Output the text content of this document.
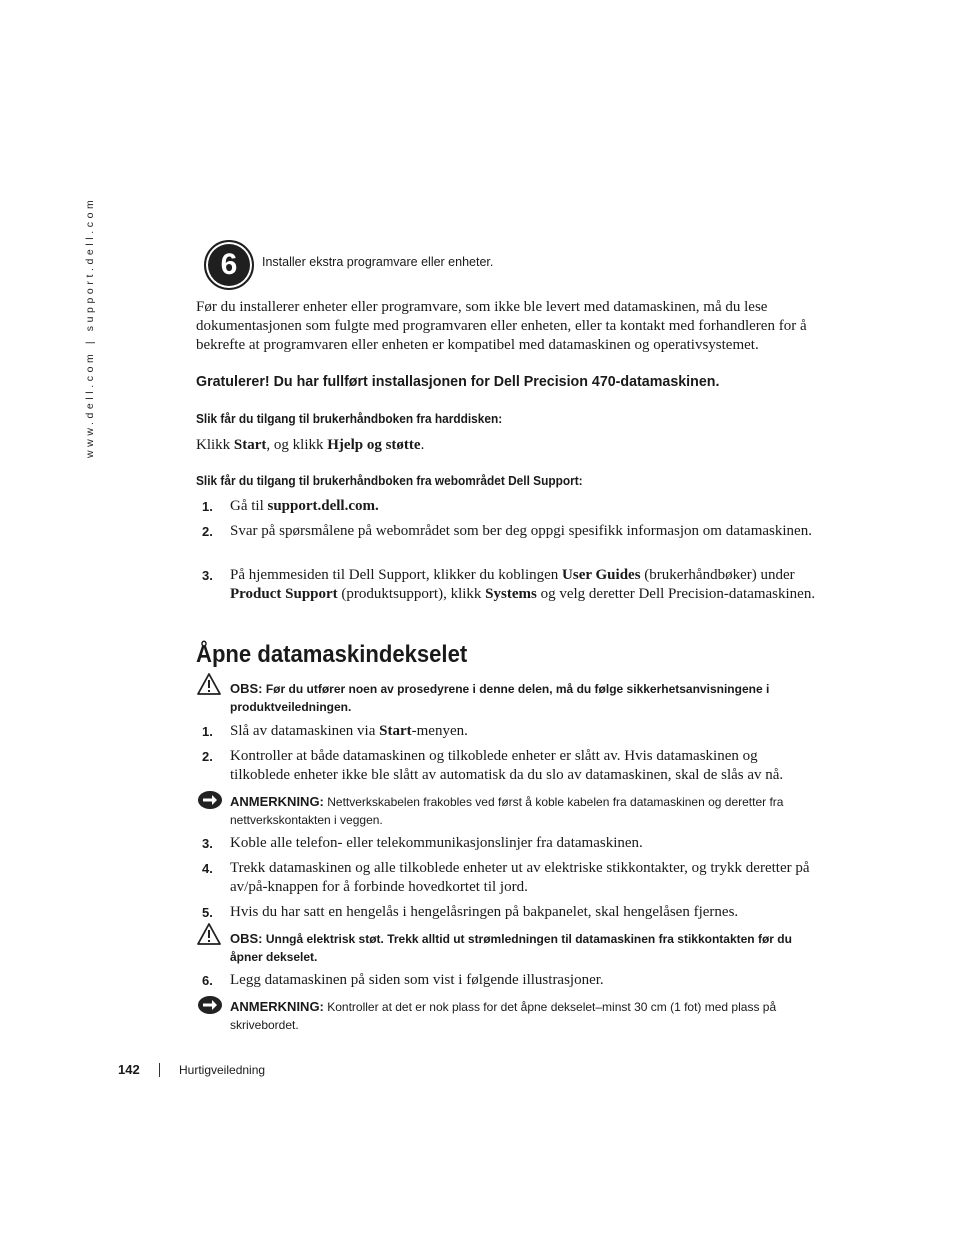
www.dell.com | support.dell.com	6	Installer ekstra programvare eller enheter.
Før du installerer enheter eller programvare, som ikke ble levert med datamaskinen, må du lese dokumentasjonen som fulgte med programvaren eller enheten, eller ta kontakt med forhandleren for å bekrefte at programvaren eller enheten er kompatibel med datamaskinen og operativsystemet.
Gratulerer! Du har fullført installasjonen for Dell Precision 470-datamaskinen.
Slik får du tilgang til brukerhåndboken fra harddisken:
Klikk Start, og klikk Hjelp og støtte.
Slik får du tilgang til brukerhåndboken fra webområdet Dell Support:
1. Gå til support.dell.com.
2. Svar på spørsmålene på webområdet som ber deg oppgi spesifikk informasjon om datamaskinen.
3. På hjemmesiden til Dell Support, klikker du koblingen User Guides (brukerhåndbøker) under Product Support (produktsupport), klikk Systems og velg deretter Dell Precision-datamaskinen.
Åpne datamaskindekselet
OBS: Før du utfører noen av prosedyrene i denne delen, må du følge sikkerhetsanvisningene i produktveiledningen.
1. Slå av datamaskinen via Start-menyen.
2. Kontroller at både datamaskinen og tilkoblede enheter er slått av. Hvis datamaskinen og tilkoblede enheter ikke ble slått av automatisk da du slo av datamaskinen, skal de slås av nå.
ANMERKNING: Nettverkskabelen frakobles ved først å koble kabelen fra datamaskinen og deretter fra nettverkskontakten i veggen.
3. Koble alle telefon- eller telekommunikasjonslinjer fra datamaskinen.
4. Trekk datamaskinen og alle tilkoblede enheter ut av elektriske stikkontakter, og trykk deretter på av/på-knappen for å forbinde hovedkortet til jord.
5. Hvis du har satt en hengelås i hengelåsringen på bakpanelet, skal hengelåsen fjernes.
OBS: Unngå elektrisk støt. Trekk alltid ut strømledningen til datamaskinen fra stikkontakten før du åpner dekselet.
6. Legg datamaskinen på siden som vist i følgende illustrasjoner.
ANMERKNING: Kontroller at det er nok plass for det åpne dekselet–minst 30 cm (1 fot) med plass på skrivebordet.
142	Hurtigveiledning
